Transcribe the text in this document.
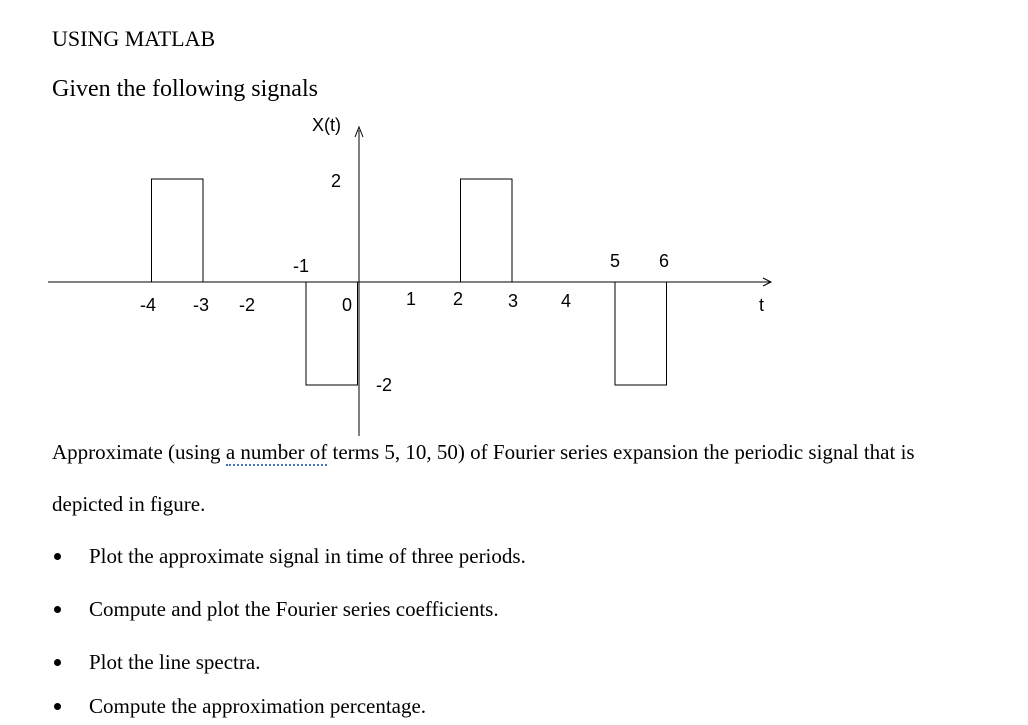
USING MATLAB
Given the following signals
X(t)
2
-1
-2
5 6
-4 -3 -2	0	1 2 3 4	t
Approximate (using a number of terms 5, 10, 50) of Fourier series expansion the periodic signal that is
depicted in figure.
Plot the approximate signal in time of three periods.
Compute and plot the Fourier series coefficients.
Plot the line spectra.
Compute the approximation percentage.
